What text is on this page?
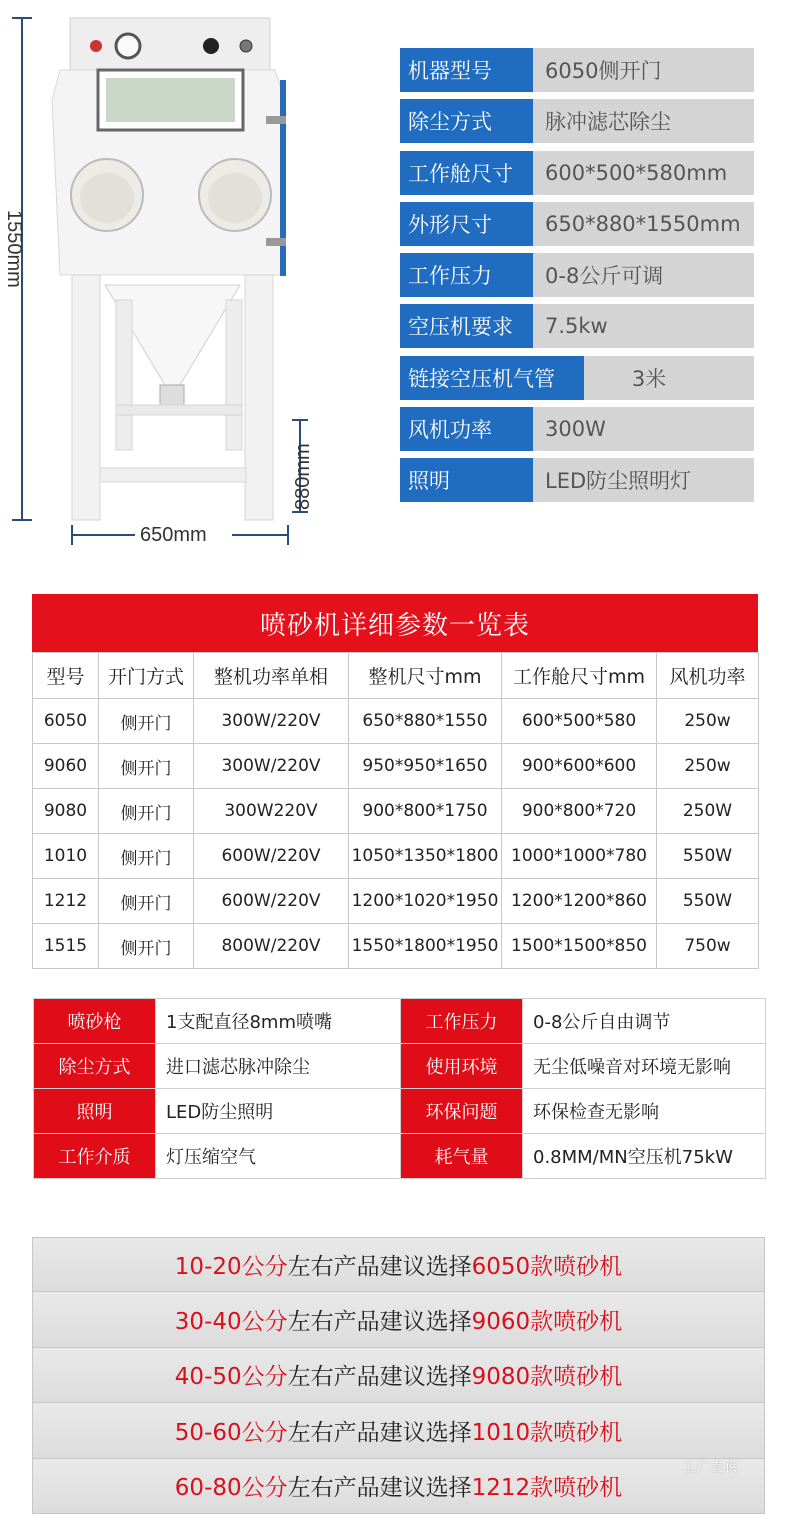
1550mm
650mm
880mm
机器型号	6050侧开门
除尘方式	脉冲滤芯除尘
工作舱尺寸	600*500*580mm
外形尺寸	650*880*1550mm
工作压力	0-8公斤可调
空压机要求	7.5kw
链接空压机气管	3米
风机功率	300W
照明	LED防尘照明灯
喷砂机详细参数一览表
型号	开门方式	整机功率单相	整机尺寸mm	工作舱尺寸mm	风机功率
6050	侧开门	300W/220V	650*880*1550	600*500*580	250w
9060	侧开门	300W/220V	950*950*1650	900*600*600	250w
9080	侧开门	300W220V	900*800*1750	900*800*720	250W
1010	侧开门	600W/220V	1050*1350*1800	1000*1000*780	550W
1212	侧开门	600W/220V	1200*1020*1950	1200*1200*860	550W
1515	侧开门	800W/220V	1550*1800*1950	1500*1500*850	750w
喷砂枪	1支配直径8mm喷嘴	工作压力	0-8公斤自由调节
除尘方式	进口滤芯脉冲除尘	使用环境	无尘低噪音对环境无影响
照明	LED防尘照明	环保问题	环保检查无影响
工作介质	灯压缩空气	耗气量	0.8MM/MN空压机75kW
10-20公分 左右产品建议选择 6050款喷砂机
30-40公分 左右产品建议选择 9060款喷砂机
40-50公分 左右产品建议选择 9080款喷砂机
50-60公分 左右产品建议选择 1010款喷砂机
60-80公分 左右产品建议选择 1212款喷砂机
工厂直供
